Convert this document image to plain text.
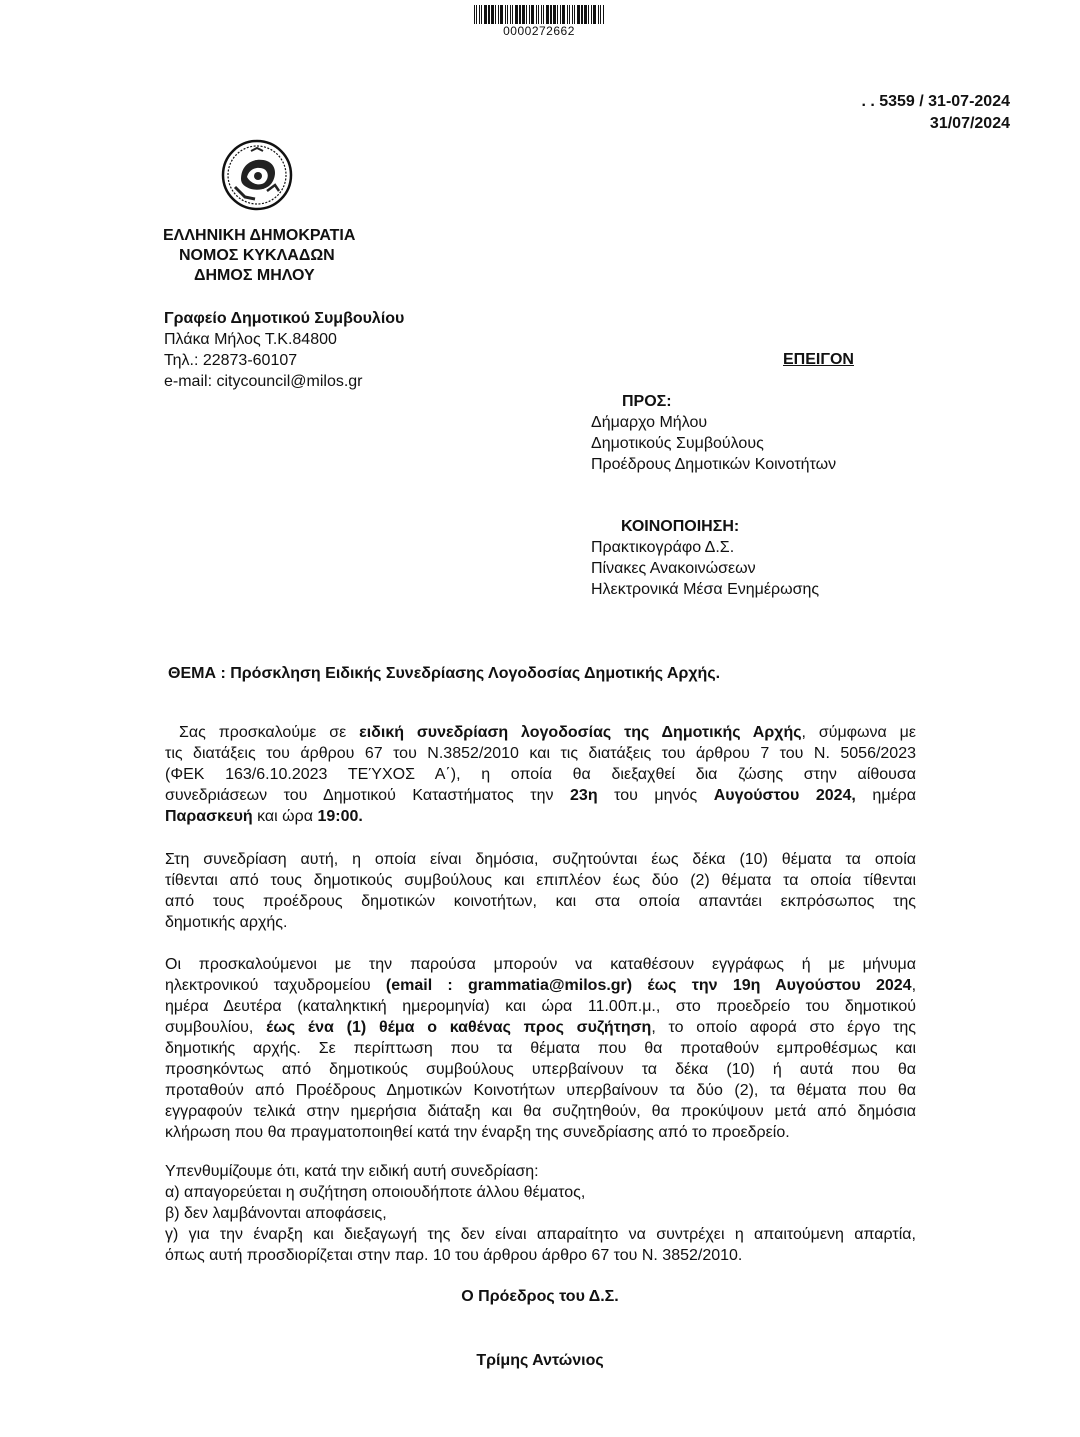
0000272662
. . 5359 / 31-07-2024
31/07/2024
ΕΛΛΗΝΙΚΗ ΔΗΜΟΚΡΑΤΙΑ
ΝΟΜΟΣ ΚΥΚΛΑΔΩΝ
ΔΗΜΟΣ ΜΗΛΟΥ
Γραφείο Δημοτικού Συμβουλίου
Πλάκα Μήλος Τ.Κ.84800
Τηλ.: 22873-60107
e-mail: citycouncil@milos.gr
ΕΠΕΙΓΟΝ
ΠΡΟΣ:
Δήμαρχο Μήλου
Δημοτικούς Συμβούλους
Προέδρους Δημοτικών Κοινοτήτων
ΚΟΙΝΟΠΟΙΗΣΗ:
Πρακτικογράφο Δ.Σ.
Πίνακες Ανακοινώσεων
Ηλεκτρονικά Μέσα Ενημέρωσης
ΘΕΜΑ : Πρόσκληση Ειδικής Συνεδρίασης Λογοδοσίας Δημοτικής Αρχής.
Σας προσκαλούμε σε ειδική συνεδρίαση λογοδοσίας της Δημοτικής Αρχής, σύμφωνα με
τις διατάξεις του άρθρου 67 του Ν.3852/2010 και τις διατάξεις του άρθρου 7 του Ν. 5056/2023
(ΦΕΚ 163/6.10.2023 ΤΕΎΧΟΣ Α΄), η οποία θα διεξαχθεί δια ζώσης στην αίθουσα
συνεδριάσεων του Δημοτικού Καταστήματος την 23η του μηνός Αυγούστου 2024, ημέρα
Παρασκευή και ώρα 19:00.
Στη συνεδρίαση αυτή, η οποία είναι δημόσια, συζητούνται έως δέκα (10) θέματα τα οποία
τίθενται από τους δημοτικούς συμβούλους και επιπλέον έως δύο (2) θέματα τα οποία τίθενται
από τους προέδρους δημοτικών κοινοτήτων, και στα οποία απαντάει εκπρόσωπος της
δημοτικής αρχής.
Οι προσκαλούμενοι με την παρούσα μπορούν να καταθέσουν εγγράφως ή με μήνυμα
ηλεκτρονικού ταχυδρομείου (email : grammatia@milos.gr) έως την 19η Αυγούστου 2024,
ημέρα Δευτέρα (καταληκτική ημερομηνία) και ώρα 11.00π.μ., στο προεδρείο του δημοτικού
συμβουλίου, έως ένα (1) θέμα ο καθένας προς συζήτηση, το οποίο αφορά στο έργο της
δημοτικής αρχής. Σε περίπτωση που τα θέματα που θα προταθούν εμπροθέσμως και
προσηκόντως από δημοτικούς συμβούλους υπερβαίνουν τα δέκα (10) ή αυτά που θα
προταθούν από Προέδρους Δημοτικών Κοινοτήτων υπερβαίνουν τα δύο (2), τα θέματα που θα
εγγραφούν τελικά στην ημερήσια διάταξη και θα συζητηθούν, θα προκύψουν μετά από δημόσια
κλήρωση που θα πραγματοποιηθεί κατά την έναρξη της συνεδρίασης από το προεδρείο.
Υπενθυμίζουμε ότι, κατά την ειδική αυτή συνεδρίαση:
α) απαγορεύεται η συζήτηση οποιουδήποτε άλλου θέματος,
β) δεν λαμβάνονται αποφάσεις,
γ) για την έναρξη και διεξαγωγή της δεν είναι απαραίτητο να συντρέχει η απαιτούμενη απαρτία,
όπως αυτή προσδιορίζεται στην παρ. 10 του άρθρου άρθρο 67 του Ν. 3852/2010.
Ο Πρόεδρος του Δ.Σ.
Τρίμης Αντώνιος
